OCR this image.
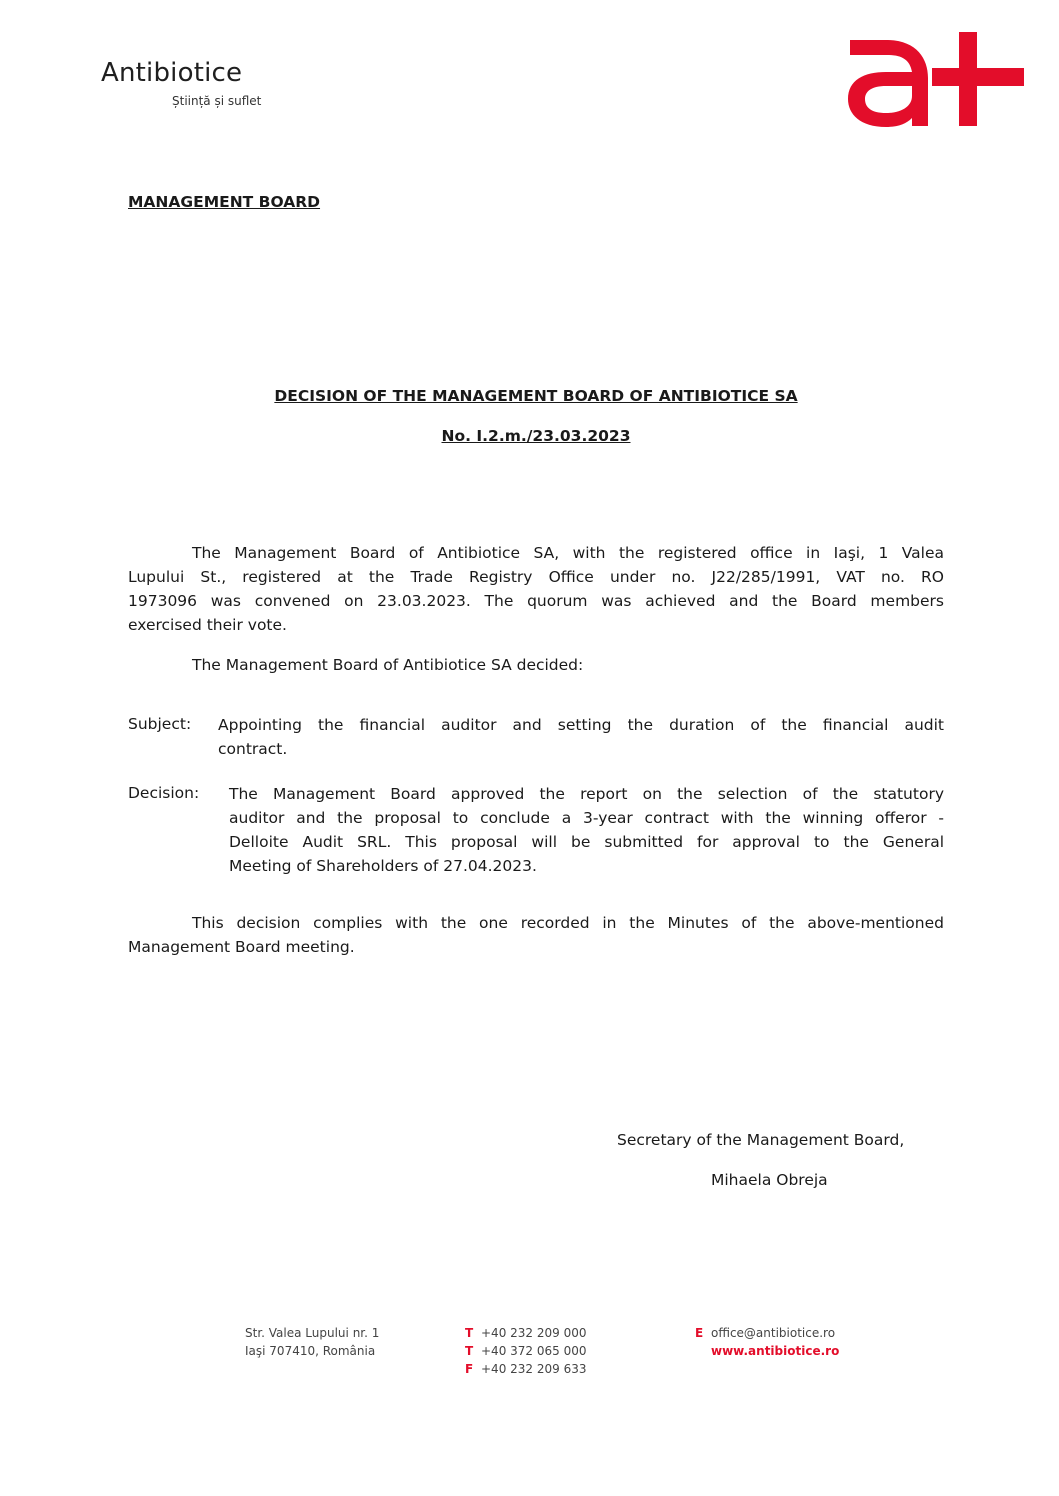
Antibiotice
Știință și suflet
MANAGEMENT BOARD
DECISION OF THE MANAGEMENT BOARD OF ANTIBIOTICE SA
No. I.2.m./23.03.2023
The Management Board of Antibiotice SA, with the registered office in Iaşi, 1 Valea
Lupului St., registered at the Trade Registry Office under no. J22/285/1991, VAT no. RO
1973096 was convened on 23.03.2023. The quorum was achieved and the Board members
exercised their vote.
The Management Board of Antibiotice SA decided:
Subject: Appointing the financial auditor and setting the duration of the financial audit
contract.
Decision: The Management Board approved the report on the selection of the statutory
auditor and the proposal to conclude a 3-year contract with the winning offeror -
Delloite Audit SRL. This proposal will be submitted for approval to the General
Meeting of Shareholders of 27.04.2023.
This decision complies with the one recorded in the Minutes of the above-mentioned
Management Board meeting.
Secretary of the Management Board,
Mihaela Obreja
Str. Valea Lupului nr. 1
Iaşi 707410, România
T +40 232 209 000
T +40 372 065 000
F +40 232 209 633
E office@antibiotice.ro
www.antibiotice.ro
